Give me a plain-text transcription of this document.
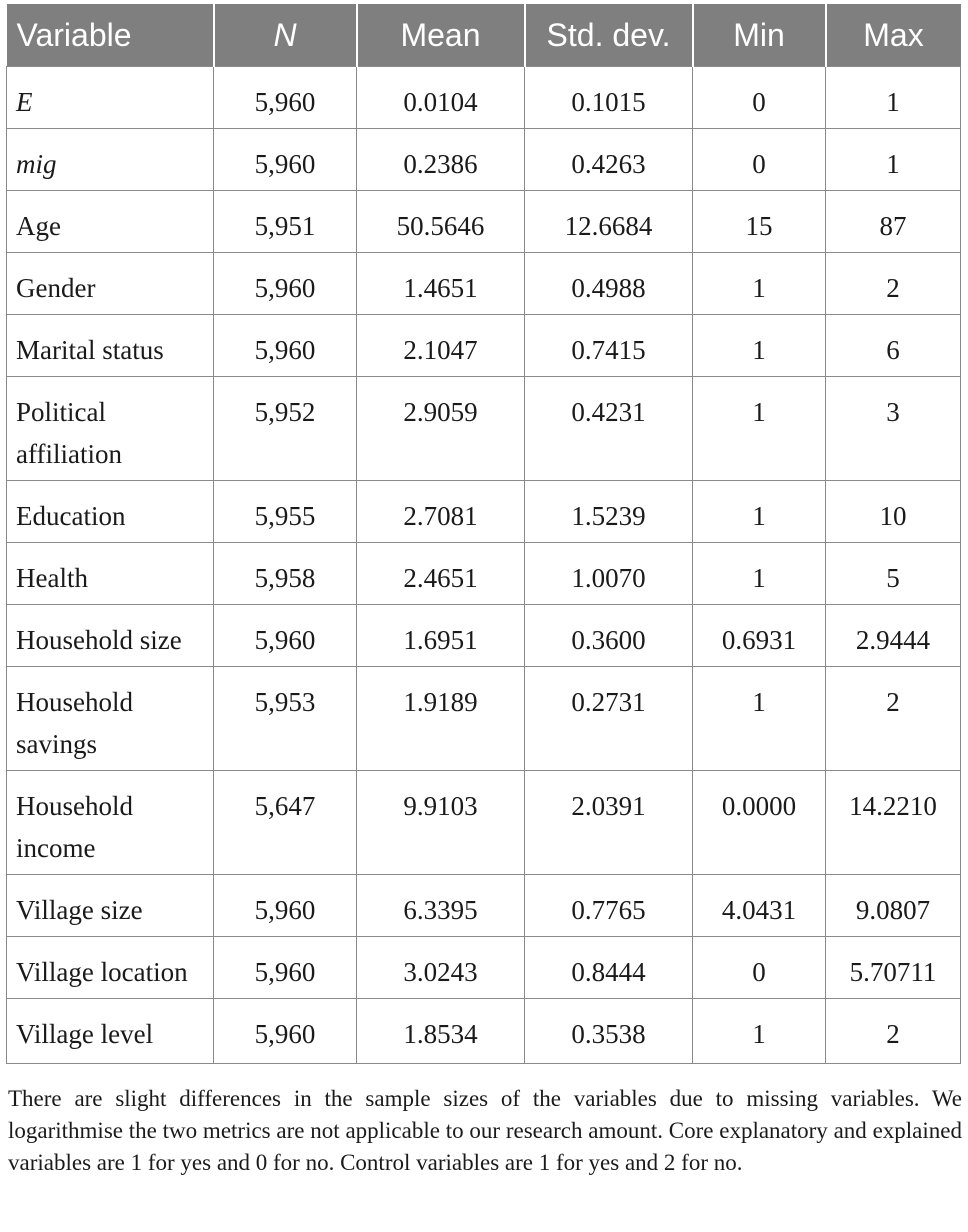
Variable	N	Mean	Std. dev.	Min	Max
E	5,960	0.0104	0.1015	0	1
mig	5,960	0.2386	0.4263	0	1
Age	5,951	50.5646	12.6684	15	87
Gender	5,960	1.4651	0.4988	1	2
Marital status	5,960	2.1047	0.7415	1	6
Political affiliation	5,952	2.9059	0.4231	1	3
Education	5,955	2.7081	1.5239	1	10
Health	5,958	2.4651	1.0070	1	5
Household size	5,960	1.6951	0.3600	0.6931	2.9444
Household savings	5,953	1.9189	0.2731	1	2
Household income	5,647	9.9103	2.0391	0.0000	14.2210
Village size	5,960	6.3395	0.7765	4.0431	9.0807
Village location	5,960	3.0243	0.8444	0	5.70711
Village level	5,960	1.8534	0.3538	1	2

There are slight differences in the sample sizes of the variables due to missing variables. We logarithmise the two metrics are not applicable to our research amount. Core explanatory and explained variables are 1 for yes and 0 for no. Control variables are 1 for yes and 2 for no.
